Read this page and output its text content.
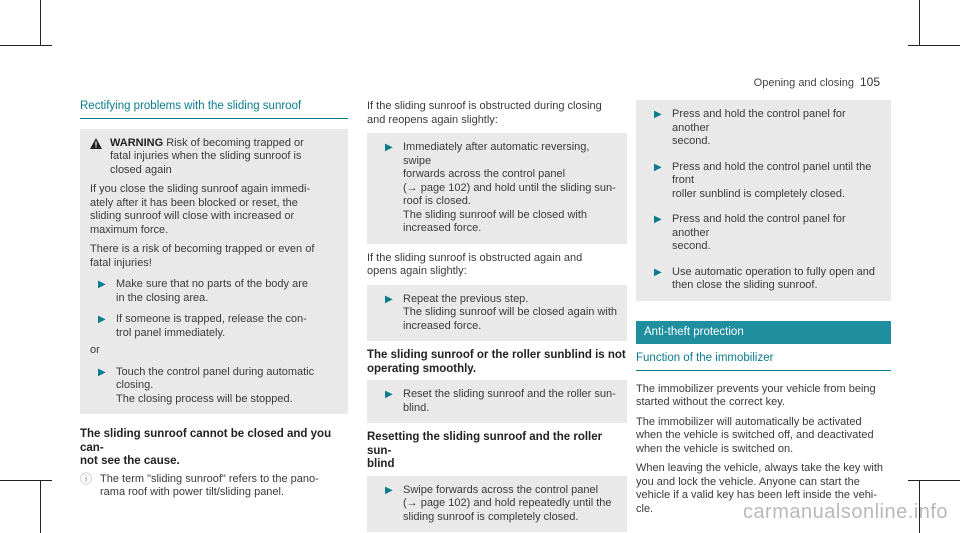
Opening and closing 105
Rectifying problems with the sliding sunroof
WARNING Risk of becoming trapped or
fatal injuries when the sliding sunroof is
closed again

If you close the sliding sunroof again immedi-
ately after it has been blocked or reset, the
sliding sunroof will close with increased or
maximum force.

There is a risk of becoming trapped or even of
fatal injuries!

▶ Make sure that no parts of the body are
in the closing area.
▶ If someone is trapped, release the con-
trol panel immediately.

or

▶ Touch the control panel during automatic
closing.
The closing process will be stopped.
The sliding sunroof cannot be closed and you can-
not see the cause.
ⓘ The term "sliding sunroof" refers to the pano-
rama roof with power tilt/sliding panel.

If the sliding sunroof is obstructed during closing
and reopens again slightly:

▶ Immediately after automatic reversing, swipe
forwards across the control panel
(→ page 102) and hold until the sliding sun-
roof is closed.
The sliding sunroof will be closed with
increased force.

If the sliding sunroof is obstructed again and
opens again slightly:

▶ Repeat the previous step.
The sliding sunroof will be closed again with
increased force.
The sliding sunroof or the roller sunblind is not
operating smoothly.
▶ Reset the sliding sunroof and the roller sun-
blind.
Resetting the sliding sunroof and the roller sun-
blind
▶ Swipe forwards across the control panel
(→ page 102) and hold repeatedly until the
sliding sunroof is completely closed.
▶ Press and hold the control panel for another
second.
▶ Press and hold the control panel until the front
roller sunblind is completely closed.
▶ Press and hold the control panel for another
second.
▶ Use automatic operation to fully open and
then close the sliding sunroof.
Anti-theft protection
Function of the immobilizer

The immobilizer prevents your vehicle from being
started without the correct key.

The immobilizer will automatically be activated
when the vehicle is switched off, and deactivated
when the vehicle is switched on.

When leaving the vehicle, always take the key with
you and lock the vehicle. Anyone can start the
vehicle if a valid key has been left inside the vehi-
cle.	carmanualsonline.info
